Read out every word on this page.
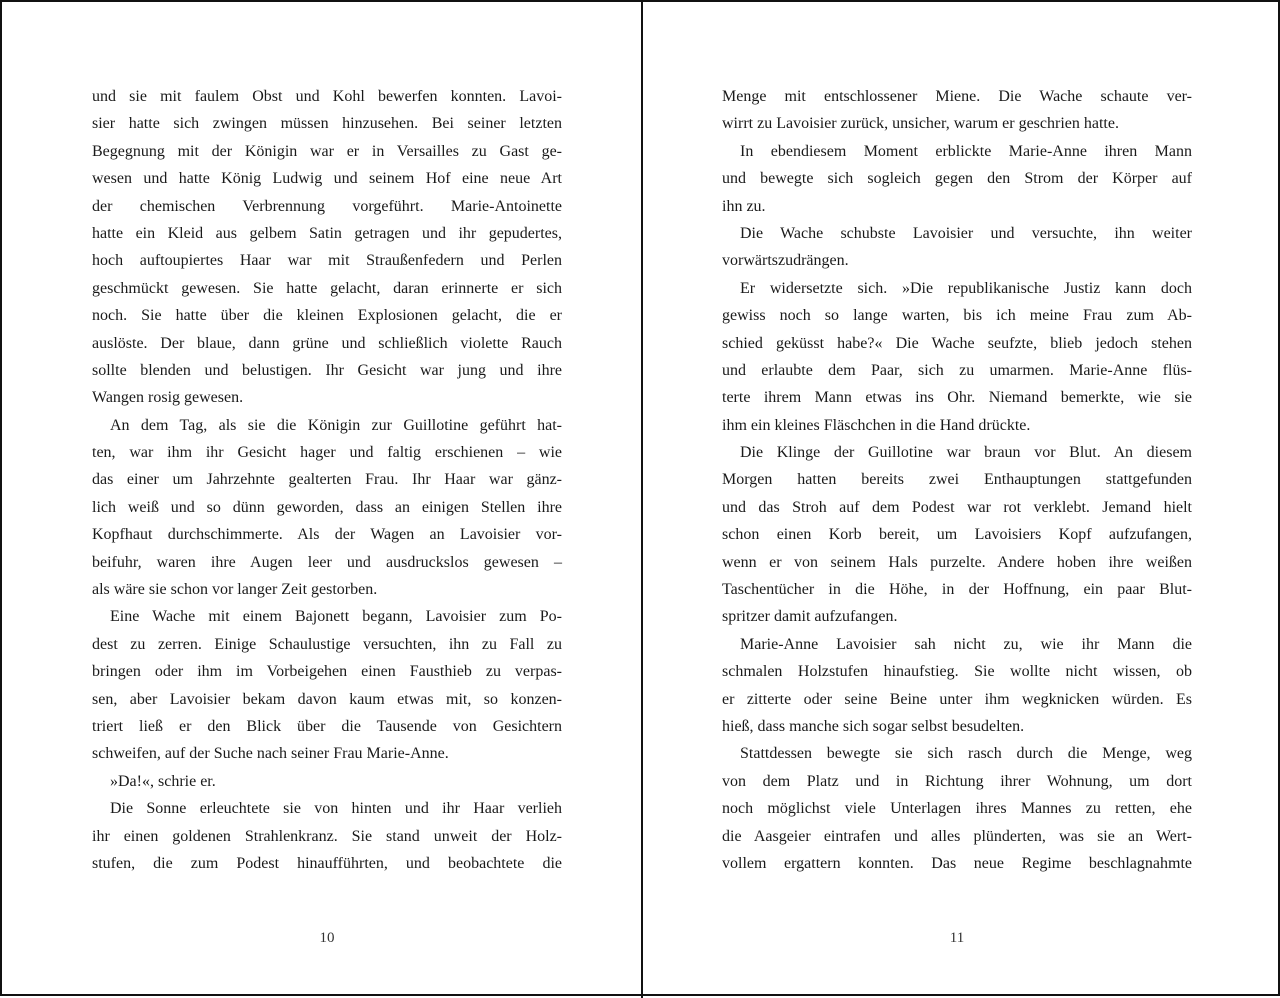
und sie mit faulem Obst und Kohl bewerfen konnten. Lavoi-
sier hatte sich zwingen müssen hinzusehen. Bei seiner letzten
Begegnung mit der Königin war er in Versailles zu Gast ge-
wesen und hatte König Ludwig und seinem Hof eine neue Art
der chemischen Verbrennung vorgeführt. Marie-Antoinette
hatte ein Kleid aus gelbem Satin getragen und ihr gepudertes,
hoch auftoupiertes Haar war mit Straußenfedern und Perlen
geschmückt gewesen. Sie hatte gelacht, daran erinnerte er sich
noch. Sie hatte über die kleinen Explosionen gelacht, die er
auslöste. Der blaue, dann grüne und schließlich violette Rauch
sollte blenden und belustigen. Ihr Gesicht war jung und ihre
Wangen rosig gewesen.
An dem Tag, als sie die Königin zur Guillotine geführt hat-
ten, war ihm ihr Gesicht hager und faltig erschienen – wie
das einer um Jahrzehnte gealterten Frau. Ihr Haar war gänz-
lich weiß und so dünn geworden, dass an einigen Stellen ihre
Kopfhaut durchschimmerte. Als der Wagen an Lavoisier vor-
beifuhr, waren ihre Augen leer und ausdruckslos gewesen –
als wäre sie schon vor langer Zeit gestorben.
Eine Wache mit einem Bajonett begann, Lavoisier zum Po-
dest zu zerren. Einige Schaulustige versuchten, ihn zu Fall zu
bringen oder ihm im Vorbeigehen einen Fausthieb zu verpas-
sen, aber Lavoisier bekam davon kaum etwas mit, so konzen-
triert ließ er den Blick über die Tausende von Gesichtern
schweifen, auf der Suche nach seiner Frau Marie-Anne.
»Da!«, schrie er.
Die Sonne erleuchtete sie von hinten und ihr Haar verlieh
ihr einen goldenen Strahlenkranz. Sie stand unweit der Holz-
stufen, die zum Podest hinaufführten, und beobachtete die
10
Menge mit entschlossener Miene. Die Wache schaute ver-
wirrt zu Lavoisier zurück, unsicher, warum er geschrien hatte.
In ebendiesem Moment erblickte Marie-Anne ihren Mann
und bewegte sich sogleich gegen den Strom der Körper auf
ihn zu.
Die Wache schubste Lavoisier und versuchte, ihn weiter
vorwärtszudrängen.
Er widersetzte sich. »Die republikanische Justiz kann doch
gewiss noch so lange warten, bis ich meine Frau zum Ab-
schied geküsst habe?« Die Wache seufzte, blieb jedoch stehen
und erlaubte dem Paar, sich zu umarmen. Marie-Anne flüs-
terte ihrem Mann etwas ins Ohr. Niemand bemerkte, wie sie
ihm ein kleines Fläschchen in die Hand drückte.
Die Klinge der Guillotine war braun vor Blut. An diesem
Morgen hatten bereits zwei Enthauptungen stattgefunden
und das Stroh auf dem Podest war rot verklebt. Jemand hielt
schon einen Korb bereit, um Lavoisiers Kopf aufzufangen,
wenn er von seinem Hals purzelte. Andere hoben ihre weißen
Taschentücher in die Höhe, in der Hoffnung, ein paar Blut-
spritzer damit aufzufangen.
Marie-Anne Lavoisier sah nicht zu, wie ihr Mann die
schmalen Holzstufen hinaufstieg. Sie wollte nicht wissen, ob
er zitterte oder seine Beine unter ihm wegknicken würden. Es
hieß, dass manche sich sogar selbst besudelten.
Stattdessen bewegte sie sich rasch durch die Menge, weg
von dem Platz und in Richtung ihrer Wohnung, um dort
noch möglichst viele Unterlagen ihres Mannes zu retten, ehe
die Aasgeier eintrafen und alles plünderten, was sie an Wert-
vollem ergattern konnten. Das neue Regime beschlagnahmte
11
